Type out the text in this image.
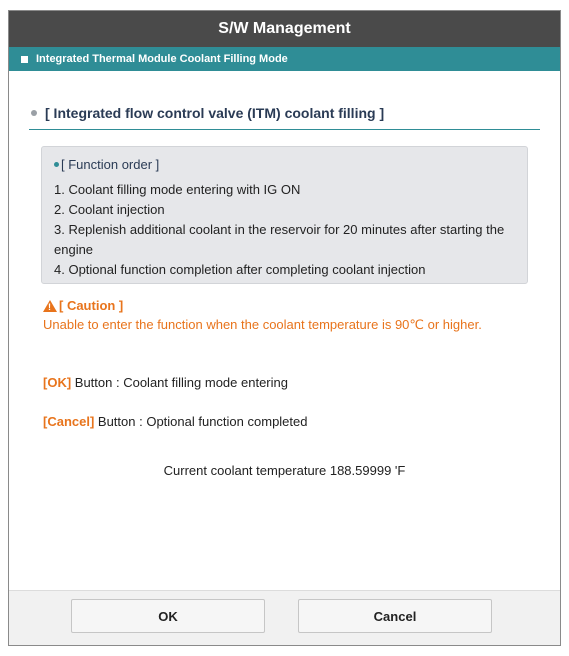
S/W Management
Integrated Thermal Module Coolant Filling Mode
[ Integrated flow control valve (ITM) coolant filling ]
[ Function order ]
1. Coolant filling mode entering with IG ON
2. Coolant injection
3. Replenish additional coolant in the reservoir for 20 minutes after starting the engine
4. Optional function completion after completing coolant injection
! [ Caution ]
Unable to enter the function when the coolant temperature is 90℃ or higher.
[OK] Button : Coolant filling mode entering
[Cancel] Button : Optional function completed
Current coolant temperature 188.59999 'F
OK	Cancel
